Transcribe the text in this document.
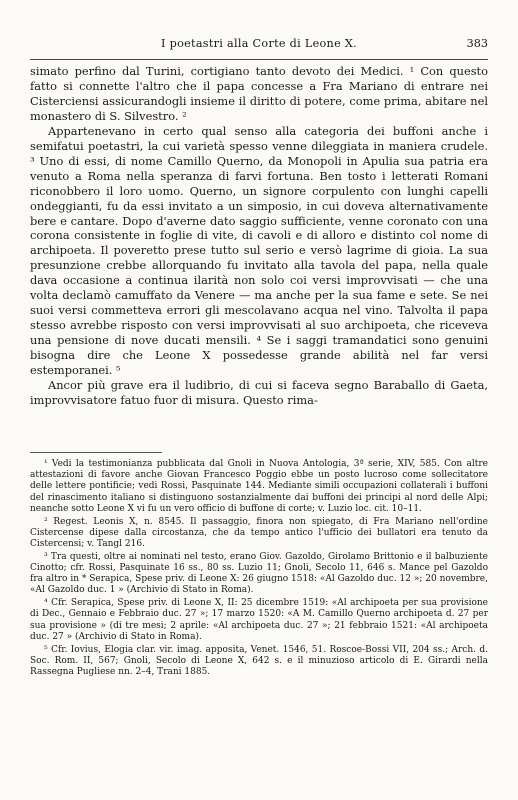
I poetastri alla Corte di Leone X.	383

simato perfino dal Turini, cortigiano tanto devoto dei Medici. ¹ Con questo fatto si connette l'altro che il papa concesse a Fra Mariano di entrare nei Cisterciensi assicurandogli insieme il diritto di potere, come prima, abitare nel monastero di S. Silvestro. ²

Appartenevano in certo qual senso alla categoria dei buffoni anche i semifatui poetastri, la cui varietà spesso venne dileggiata in maniera crudele. ³ Uno di essi, di nome Camillo Querno, da Monopoli in Apulia sua patria era venuto a Roma nella speranza di farvi fortuna. Ben tosto i letterati Romani riconobbero il loro uomo. Querno, un signore corpulento con lunghi capelli ondeggianti, fu da essi invitato a un simposio, in cui doveva alternativamente bere e cantare. Dopo d'averne dato saggio sufficiente, venne coronato con una corona consistente in foglie di vite, di cavoli e di alloro e distinto col nome di archipoeta. Il poveretto prese tutto sul serio e versò lagrime di gioia. La sua presunzione crebbe allorquando fu invitato alla tavola del papa, nella quale dava occasione a continua ilarità non solo coi versi improvvisati — che una volta declamò camuffato da Venere — ma anche per la sua fame e sete. Se nei suoi versi commetteva errori gli mescolavano acqua nel vino. Talvolta il papa stesso avrebbe risposto con versi improvvisati al suo archipoeta, che riceveva una pensione di nove ducati mensili. ⁴ Se i saggi tramandatici sono genuini bisogna dire che Leone X possedesse grande abilità nel far versi estemporanei. ⁵

Ancor più grave era il ludibrio, di cui si faceva segno Baraballo di Gaeta, improvvisatore fatuo fuor di misura. Questo rima-

¹ Vedi la testimonianza pubblicata dal Gnoli in Nuova Antologia, 3ª serie, XIV, 585. Con altre attestazioni di favore anche Giovan Francesco Poggio ebbe un posto lucroso come sollecitatore delle lettere pontificie; vedi Rossi, Pasquinate 144. Mediante simili occupazioni collaterali i buffoni del rinascimento italiano si distinguono sostanzialmente dai buffoni dei principi al nord delle Alpi; neanche sotto Leone X vi fu un vero officio di buffone di corte; v. Luzio loc. cit. 10–11.

² Regest. Leonis X, n. 8545. Il passaggio, finora non spiegato, di Fra Mariano nell'ordine Cistercense dipese dalla circostanza, che da tempo antico l'ufficio dei bullatori era tenuto da Cistercensi; v. Tangl 216.

³ Tra questi, oltre ai nominati nel testo, erano Giov. Gazoldo, Girolamo Brittonio e il balbuziente Cinotto; cfr. Rossi, Pasquinate 16 ss., 80 ss. Luzio 11; Gnoli, Secolo 11, 646 s. Mance pel Gazoldo fra altro in * Serapica, Spese priv. di Leone X: 26 giugno 1518: «Al Gazoldo duc. 12 »; 20 novembre, «Al Gazoldo duc. 1 » (Archivio di Stato in Roma).

⁴ Cfr. Serapica, Spese priv. di Leone X, II: 25 dicembre 1519: «Al archipoeta per sua provisione di Dec., Gennaio e Febbraio duc. 27 »; 17 marzo 1520: «A M. Camillo Querno archipoeta d. 27 per sua provisione » (di tre mesi; 2 aprile: «Al archipoeta duc. 27 »; 21 febbraio 1521: «Al archipoeta duc. 27 » (Archivio di Stato in Roma).

⁵ Cfr. Iovius, Elogia clar. vir. imag. apposita, Venet. 1546, 51. Roscoe-Bossi VII, 204 ss.; Arch. d. Soc. Rom. II, 567; Gnoli, Secolo di Leone X, 642 s. e il minuzioso articolo di E. Girardi nella Rassegna Pugliese nn. 2–4, Trani 1885.
